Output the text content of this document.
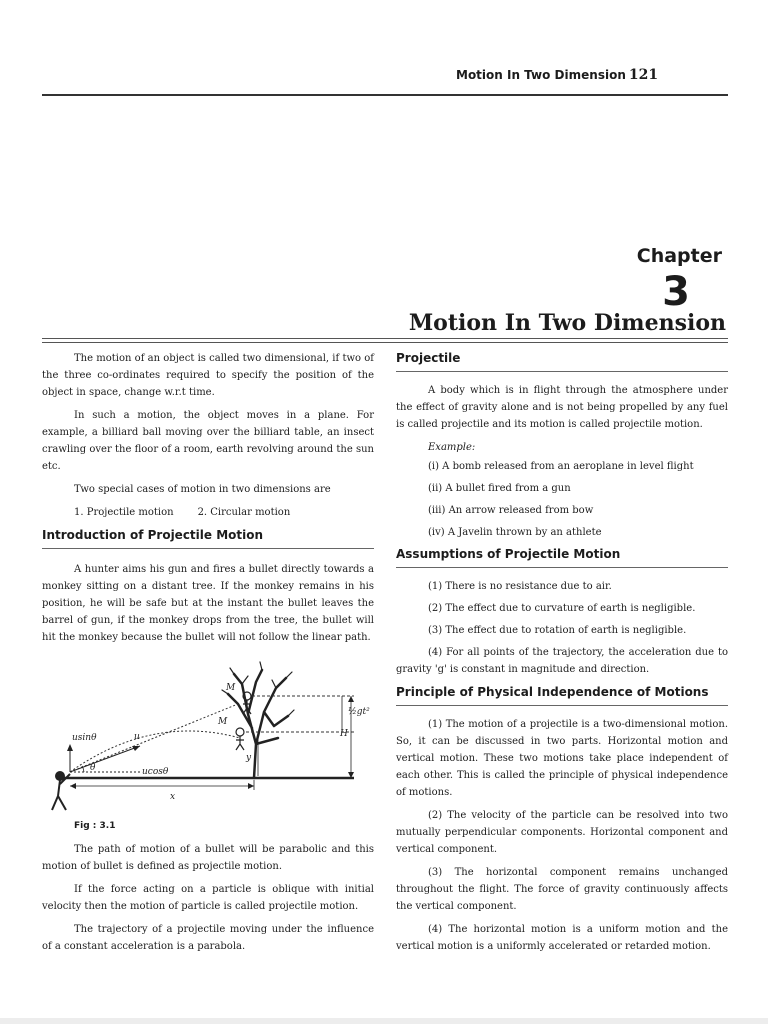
Motion In Two Dimension 121
Chapter
3
Motion In Two Dimension

The motion of an object is called two dimensional, if two of the three co-ordinates required to specify the position of the object in space, change w.r.t time.

In such a motion, the object moves in a plane. For example, a billiard ball moving over the billiard table, an insect crawling over the floor of a room, earth revolving around the sun etc.

Two special cases of motion in two dimensions are

1. Projectile motion 2. Circular motion

Introduction of Projectile Motion

A hunter aims his gun and fires a bullet directly towards a monkey sitting on a distant tree. If the monkey remains in his position, he will be safe but at the instant the bullet leaves the barrel of gun, if the monkey drops from the tree, the bullet will hit the monkey because the bullet will not follow the linear path.

usinθ	u
θ	ucosθ
x
M
M
y
H
½gt²

Fig : 3.1

The path of motion of a bullet will be parabolic and this motion of bullet is defined as projectile motion.

If the force acting on a particle is oblique with initial velocity then the motion of particle is called projectile motion.

The trajectory of a projectile moving under the influence of a constant acceleration is a parabola.

Projectile

A body which is in flight through the atmosphere under the effect of gravity alone and is not being propelled by any fuel is called projectile and its motion is called projectile motion.

Example:

(i) A bomb released from an aeroplane in level flight

(ii) A bullet fired from a gun

(iii) An arrow released from bow

(iv) A Javelin thrown by an athlete

Assumptions of Projectile Motion

(1) There is no resistance due to air.

(2) The effect due to curvature of earth is negligible.

(3) The effect due to rotation of earth is negligible.

(4) For all points of the trajectory, the acceleration due to gravity 'g' is constant in magnitude and direction.

Principle of Physical Independence of Motions

(1) The motion of a projectile is a two-dimensional motion. So, it can be discussed in two parts. Horizontal motion and vertical motion. These two motions take place independent of each other. This is called the principle of physical independence of motions.

(2) The velocity of the particle can be resolved into two mutually perpendicular components. Horizontal component and vertical component.

(3) The horizontal component remains unchanged throughout the flight. The force of gravity continuously affects the vertical component.

(4) The horizontal motion is a uniform motion and the vertical motion is a uniformly accelerated or retarded motion.
